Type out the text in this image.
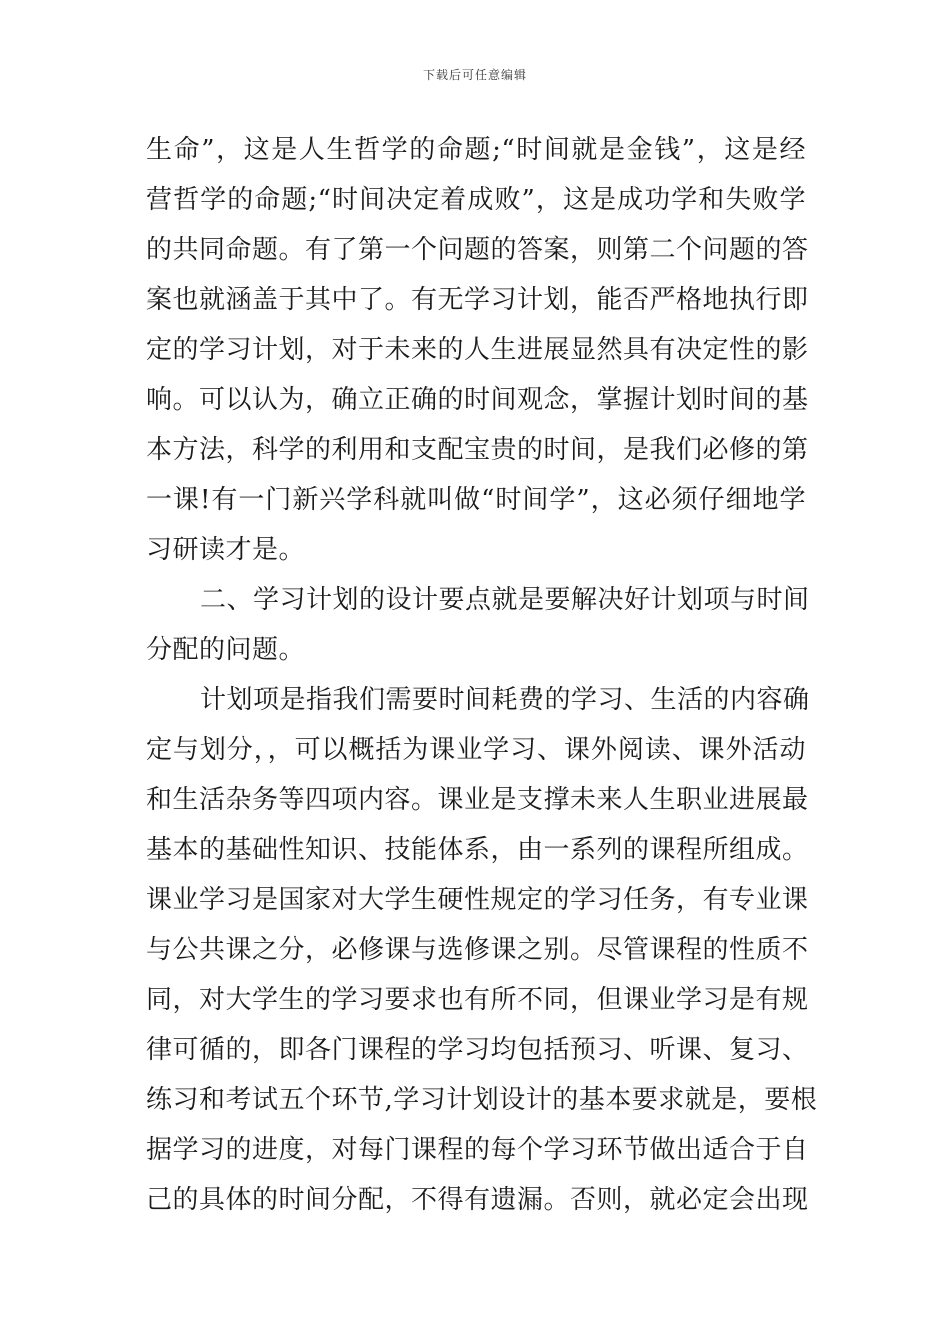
下载后可任意编辑
生命”，这是人生哲学的命题;“时间就是金钱”，这是经
营哲学的命题;“时间决定着成败”，这是成功学和失败学
的共同命题。有了第一个问题的答案，则第二个问题的答
案也就涵盖于其中了。有无学习计划，能否严格地执行即
定的学习计划，对于未来的人生进展显然具有决定性的影
响。可以认为，确立正确的时间观念，掌握计划时间的基
本方法，科学的利用和支配宝贵的时间，是我们必修的第
一课!有一门新兴学科就叫做“时间学”，这必须仔细地学
习研读才是。
二、学习计划的设计要点就是要解决好计划项与时间
分配的问题。
计划项是指我们需要时间耗费的学习、生活的内容确
定与划分，，可以概括为课业学习、课外阅读、课外活动
和生活杂务等四项内容。课业是支撑未来人生职业进展最
基本的基础性知识、技能体系，由一系列的课程所组成。
课业学习是国家对大学生硬性规定的学习任务，有专业课
与公共课之分，必修课与选修课之别。尽管课程的性质不
同，对大学生的学习要求也有所不同，但课业学习是有规
律可循的，即各门课程的学习均包括预习、听课、复习、
练习和考试五个环节,学习计划设计的基本要求就是，要根
据学习的进度，对每门课程的每个学习环节做出适合于自
己的具体的时间分配，不得有遗漏。否则，就必定会出现
